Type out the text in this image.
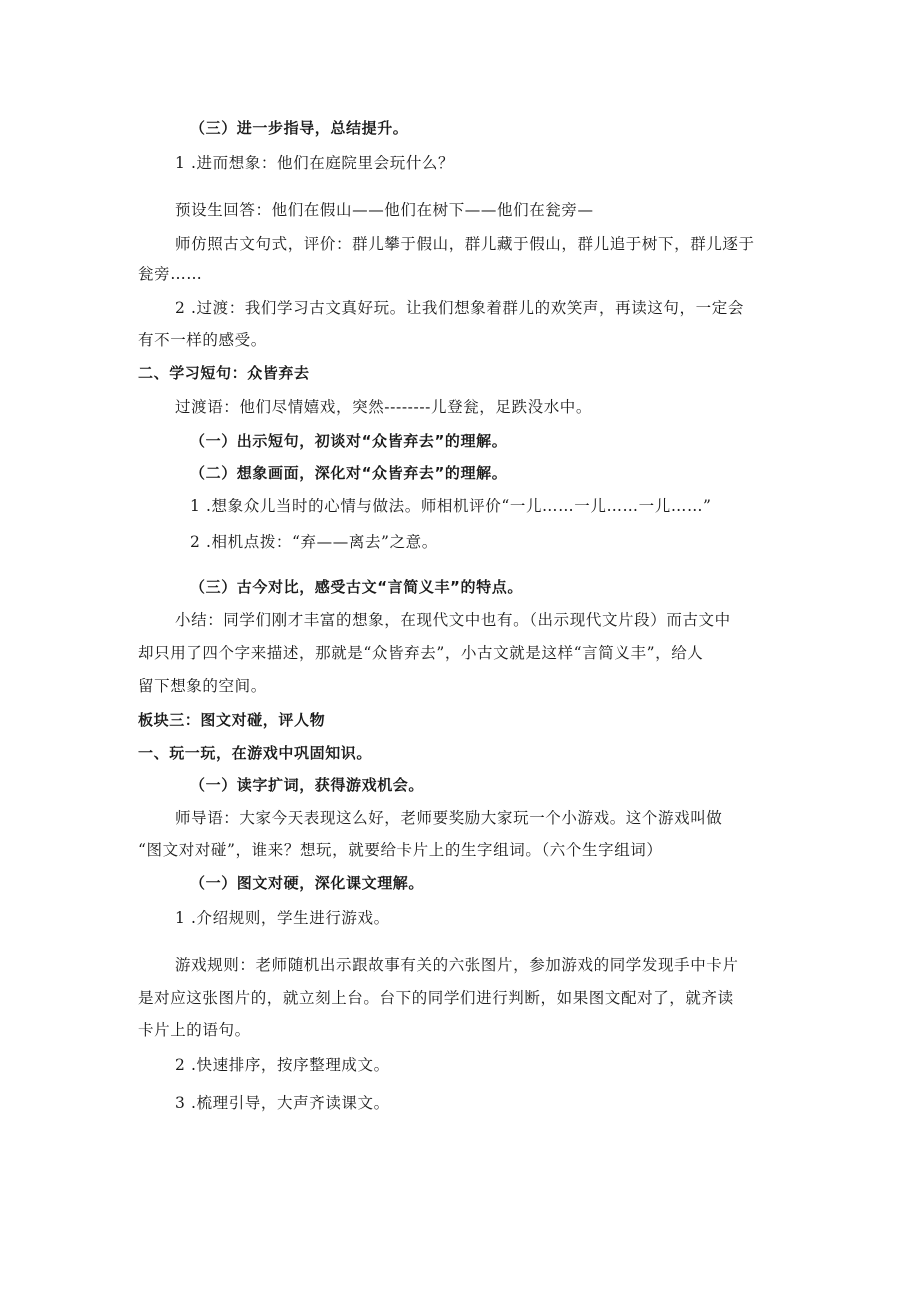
（三）进一步指导，总结提升。
1 .进而想象：他们在庭院里会玩什么？
预设生回答：他们在假山——他们在树下——他们在瓮旁—
师仿照古文句式，评价：群儿攀于假山，群儿藏于假山，群儿追于树下，群儿逐于
瓮旁……
2 .过渡：我们学习古文真好玩。让我们想象着群儿的欢笑声，再读这句，一定会
有不一样的感受。
二、学习短句：众皆弃去
过渡语：他们尽情嬉戏，突然--------儿登瓮，足跌没水中。
（一）出示短句，初谈对“众皆弃去”的理解。
（二）想象画面，深化对“众皆弃去”的理解。
1 .想象众儿当时的心情与做法。师相机评价“一儿……一儿……一儿……”
2 .相机点拨：“弃——离去”之意。
（三）古今对比，感受古文“言简义丰”的特点。
小结：同学们刚才丰富的想象，在现代文中也有。（出示现代文片段）而古文中
却只用了四个字来描述，那就是“众皆弃去”，小古文就是这样“言简义丰”，给人
留下想象的空间。
板块三：图文对碰，评人物
一、玩一玩，在游戏中巩固知识。
（一）读字扩词，获得游戏机会。
师导语：大家今天表现这么好，老师要奖励大家玩一个小游戏。这个游戏叫做
“图文对对碰”，谁来？想玩，就要给卡片上的生字组词。（六个生字组词）
（一）图文对硬，深化课文理解。
1 .介绍规则，学生进行游戏。
游戏规则：老师随机出示跟故事有关的六张图片，参加游戏的同学发现手中卡片
是对应这张图片的，就立刻上台。台下的同学们进行判断，如果图文配对了，就齐读
卡片上的语句。
2 .快速排序，按序整理成文。
3 .梳理引导，大声齐读课文。
